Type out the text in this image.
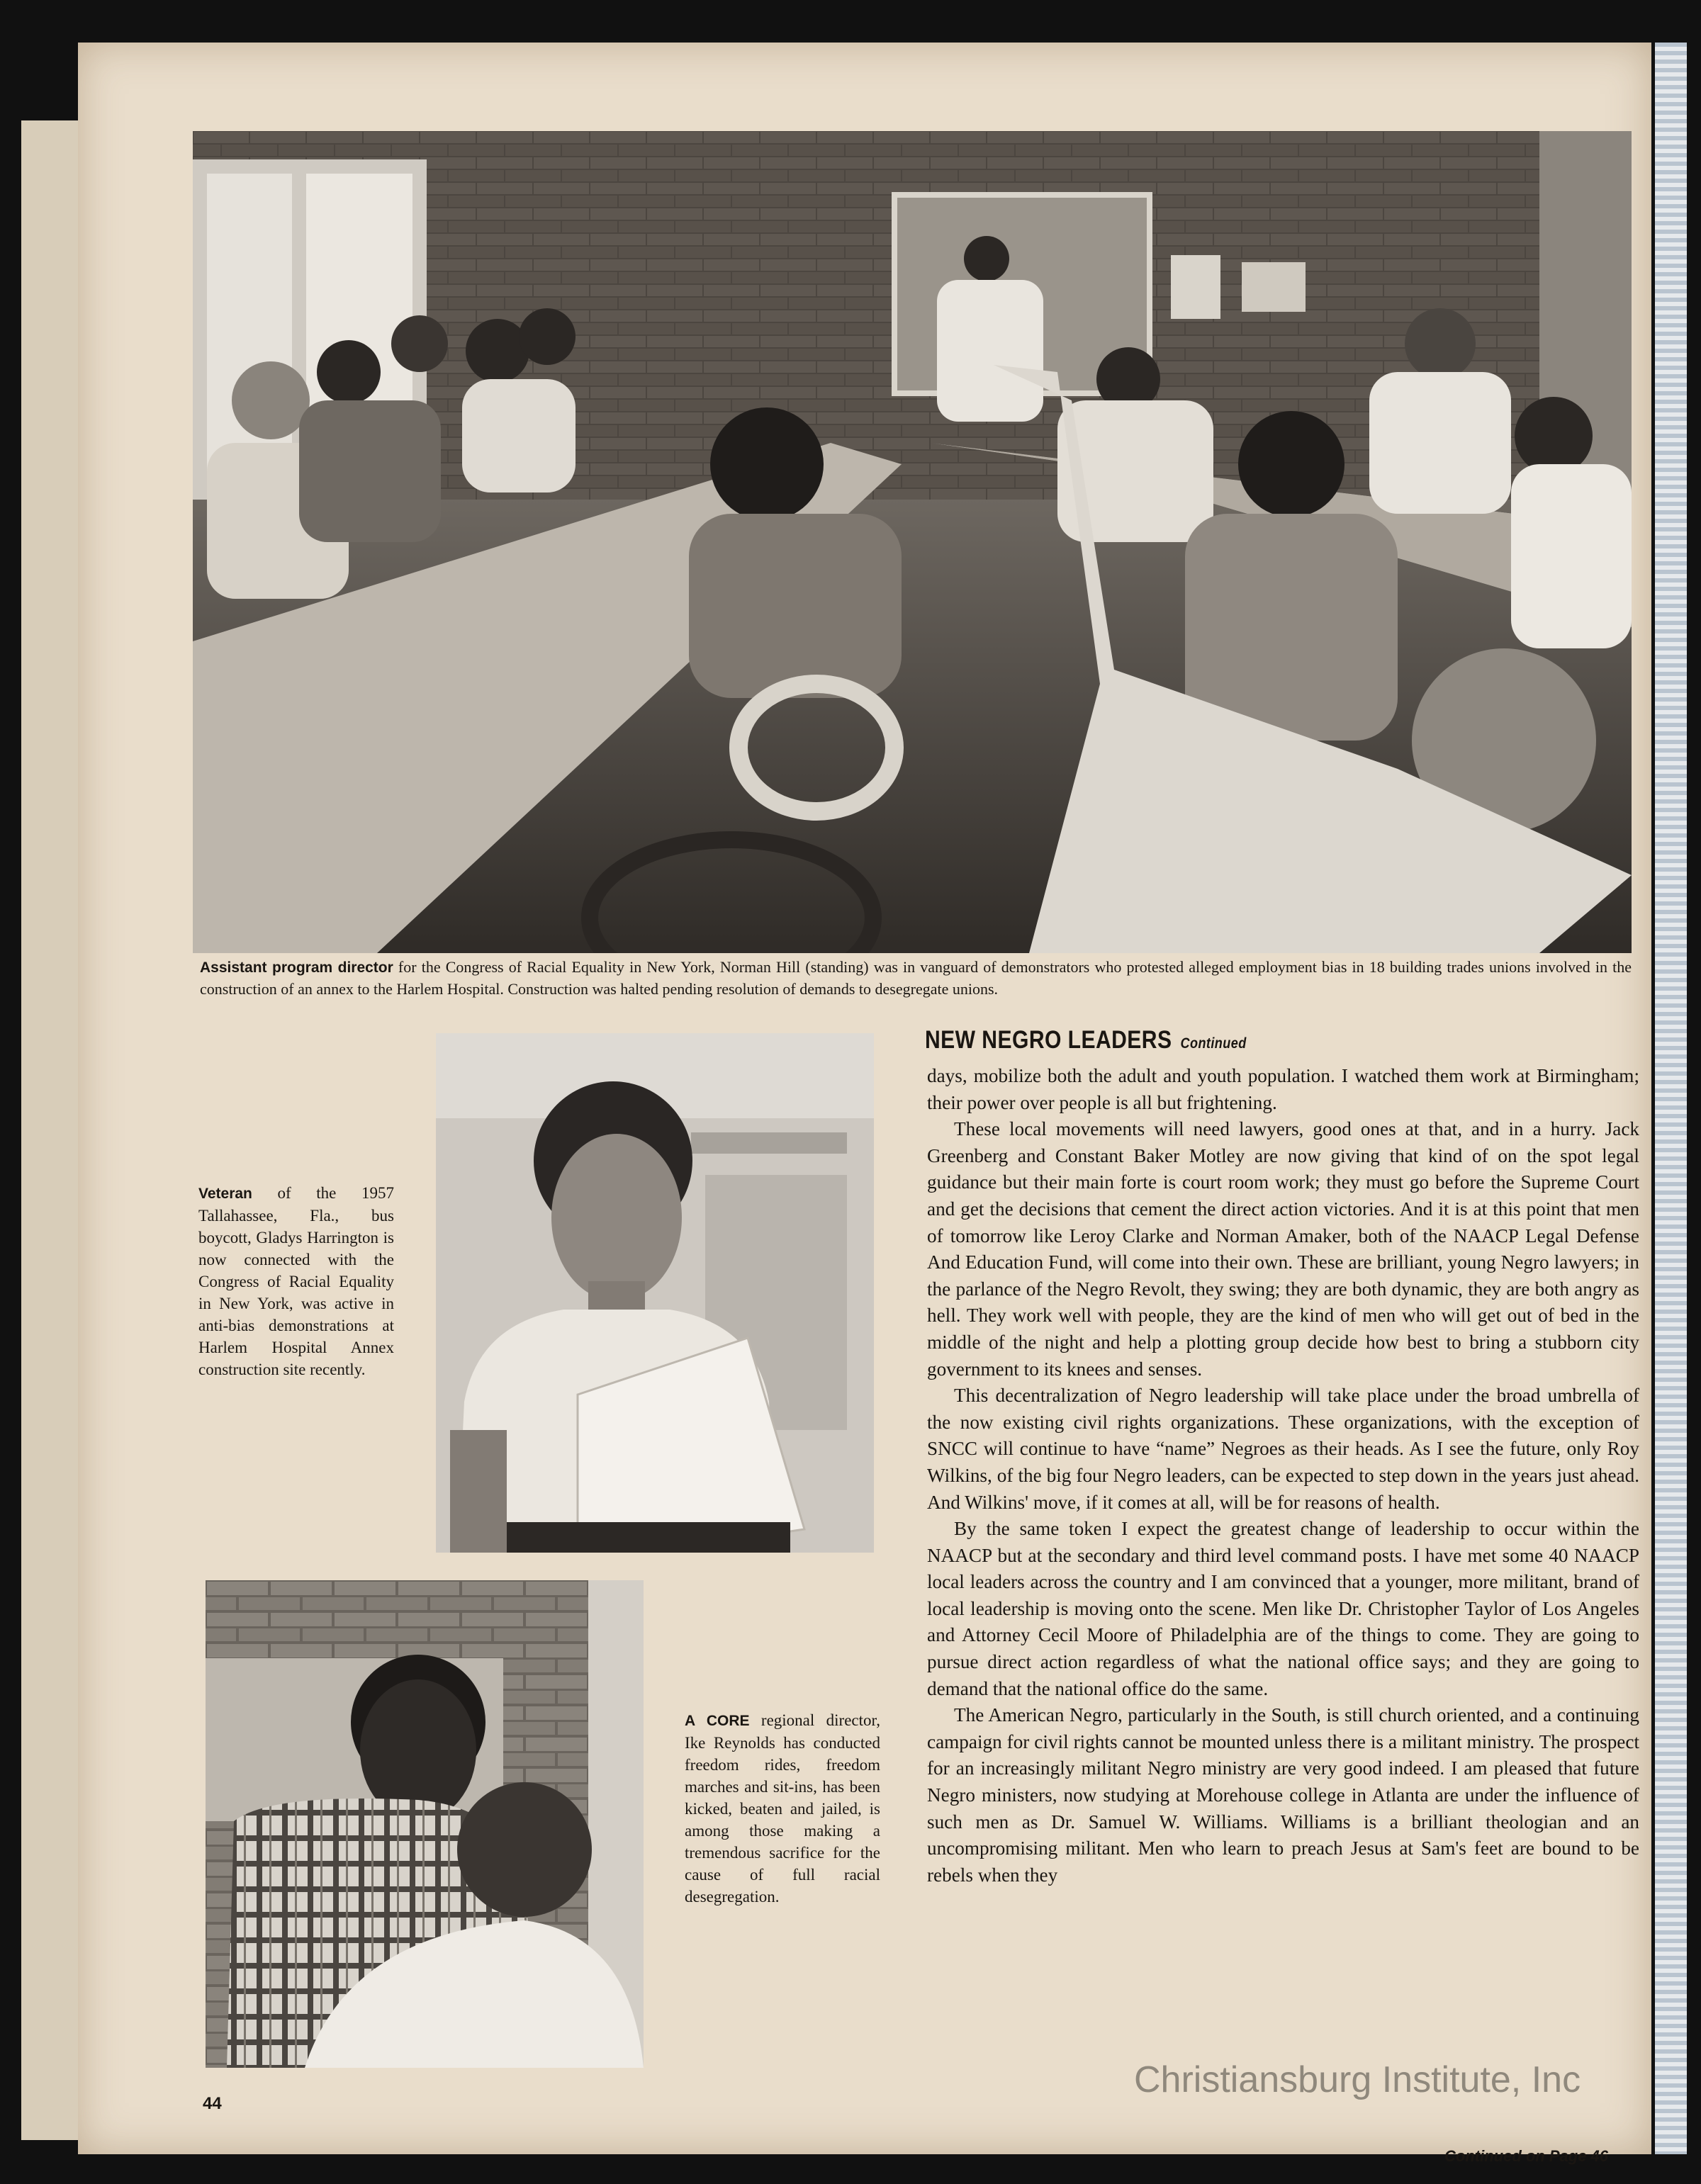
Assistant program director for the Congress of Racial Equality in New York, Norman Hill (standing) was in vanguard of demonstrators who protested alleged employment bias in 18 building trades unions involved in the construction of an annex to the Harlem Hospital. Construction was halted pending resolution of demands to desegregate unions.
Veteran of the 1957 Tallahassee, Fla., bus boycott, Gladys Harrington is now connected with the Congress of Racial Equality in New York, was active in anti-bias demonstrations at Harlem Hospital Annex construction site recently.
A CORE regional director, Ike Reynolds has conducted freedom rides, freedom marches and sit-ins, has been kicked, beaten and jailed, is among those making a tremendous sacrifice for the cause of full racial desegregation.
NEW NEGRO LEADERS Continued

days, mobilize both the adult and youth population. I watched them work at Birmingham; their power over people is all but frightening.

These local movements will need lawyers, good ones at that, and in a hurry. Jack Greenberg and Constant Baker Motley are now giving that kind of on the spot legal guidance but their main forte is court room work; they must go before the Supreme Court and get the decisions that cement the direct action victories. And it is at this point that men of tomorrow like Leroy Clarke and Norman Amaker, both of the NAACP Legal Defense And Education Fund, will come into their own. These are brilliant, young Negro lawyers; in the parlance of the Negro Revolt, they swing; they are both dynamic, they are both angry as hell. They work well with people, they are the kind of men who will get out of bed in the middle of the night and help a plotting group decide how best to bring a stubborn city government to its knees and senses.

This decentralization of Negro leadership will take place under the broad umbrella of the now existing civil rights organizations. These organizations, with the exception of SNCC will continue to have “name” Negroes as their heads. As I see the future, only Roy Wilkins, of the big four Negro leaders, can be expected to step down in the years just ahead. And Wilkins' move, if it comes at all, will be for reasons of health.

By the same token I expect the greatest change of leadership to occur within the NAACP but at the secondary and third level command posts. I have met some 40 NAACP local leaders across the country and I am convinced that a younger, more militant, brand of local leadership is moving onto the scene. Men like Dr. Christopher Taylor of Los Angeles and Attorney Cecil Moore of Philadelphia are of the things to come. They are going to pursue direct action regardless of what the national office says; and they are going to demand that the national office do the same.

The American Negro, particularly in the South, is still church oriented, and a continuing campaign for civil rights cannot be mounted unless there is a militant ministry. The prospect for an increasingly militant Negro ministry are very good indeed. I am pleased that future Negro ministers, now studying at Morehouse college in Atlanta are under the influence of such men as Dr. Samuel W. Williams. Williams is a brilliant theologian and an uncompromising militant. Men who learn to preach Jesus at Sam's feet are bound to be rebels when they

Christiansburg Institute, Inc
44
Continued on Page 46
